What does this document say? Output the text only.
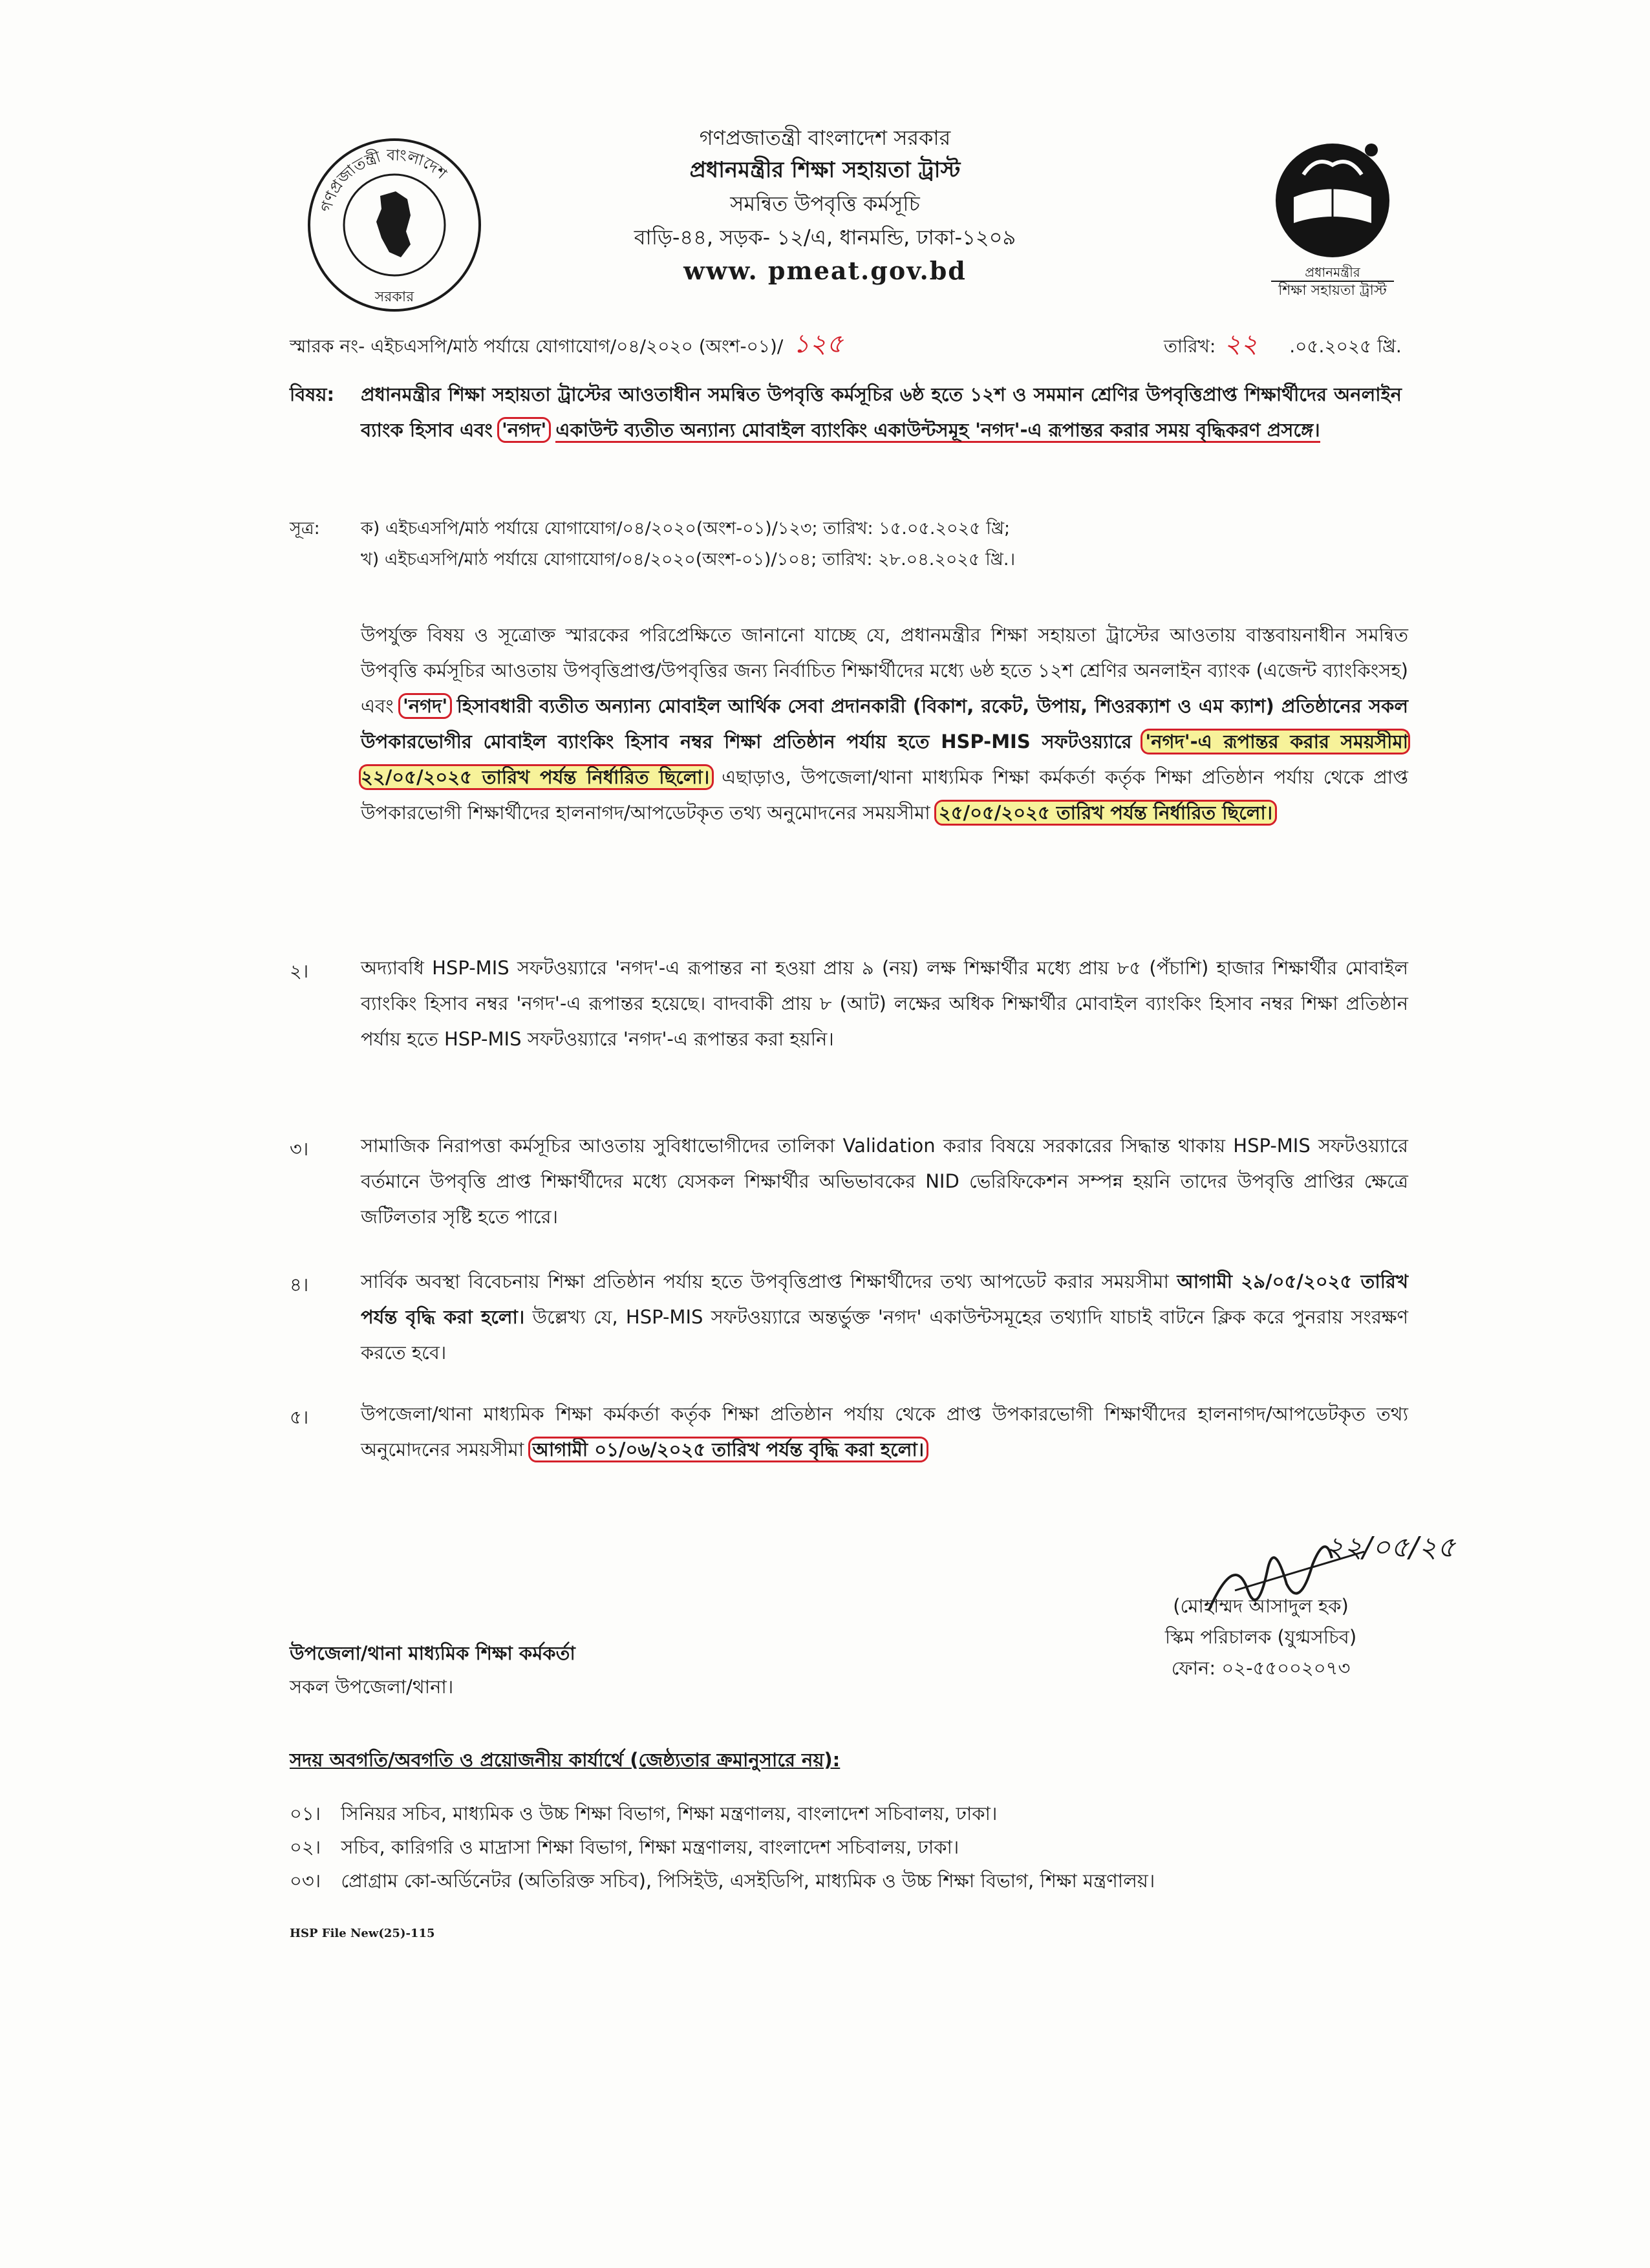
গণপ্রজাতন্ত্রী বাংলাদেশ
সরকার
প্রধানমন্ত্রীর
শিক্ষা সহায়তা ট্রাস্ট
গণপ্রজাতন্ত্রী বাংলাদেশ সরকার
প্রধানমন্ত্রীর শিক্ষা সহায়তা ট্রাস্ট
সমন্বিত উপবৃত্তি কর্মসূচি
বাড়ি-৪৪, সড়ক- ১২/এ, ধানমন্ডি, ঢাকা-১২০৯
www. pmeat.gov.bd
স্মারক নং- এইচএসপি/মাঠ পর্যায়ে যোগাযোগ/০৪/২০২০ (অংশ-০১)/ ১২৫	তারিখ: ২২ .০৫.২০২৫ খ্রি.
বিষয়: প্রধানমন্ত্রীর শিক্ষা সহায়তা ট্রাস্টের আওতাধীন সমন্বিত উপবৃত্তি কর্মসূচির ৬ষ্ঠ হতে ১২শ ও সমমান শ্রেণির উপবৃত্তিপ্রাপ্ত শিক্ষার্থীদের অনলাইন ব্যাংক হিসাব এবং 'নগদ' একাউন্ট ব্যতীত অন্যান্য মোবাইল ব্যাংকিং একাউন্টসমূহ 'নগদ'-এ রূপান্তর করার সময় বৃদ্ধিকরণ প্রসঙ্গে।
সূত্র: ক) এইচএসপি/মাঠ পর্যায়ে যোগাযোগ/০৪/২০২০(অংশ-০১)/১২৩; তারিখ: ১৫.০৫.২০২৫ খ্রি;
খ) এইচএসপি/মাঠ পর্যায়ে যোগাযোগ/০৪/২০২০(অংশ-০১)/১০৪; তারিখ: ২৮.০৪.২০২৫ খ্রি.।
উপর্যুক্ত বিষয় ও সূত্রোক্ত স্মারকের পরিপ্রেক্ষিতে জানানো যাচ্ছে যে, প্রধানমন্ত্রীর শিক্ষা সহায়তা ট্রাস্টের আওতায় বাস্তবায়নাধীন সমন্বিত উপবৃত্তি কর্মসূচির আওতায় উপবৃত্তিপ্রাপ্ত/উপবৃত্তির জন্য নির্বাচিত শিক্ষার্থীদের মধ্যে ৬ষ্ঠ হতে ১২শ শ্রেণির অনলাইন ব্যাংক (এজেন্ট ব্যাংকিংসহ) এবং 'নগদ' হিসাবধারী ব্যতীত অন্যান্য মোবাইল আর্থিক সেবা প্রদানকারী (বিকাশ, রকেট, উপায়, শিওরক্যাশ ও এম ক্যাশ) প্রতিষ্ঠানের সকল উপকারভোগীর মোবাইল ব্যাংকিং হিসাব নম্বর শিক্ষা প্রতিষ্ঠান পর্যায় হতে HSP-MIS সফটওয়্যারে 'নগদ'-এ রূপান্তর করার সময়সীমা ২২/০৫/২০২৫ তারিখ পর্যন্ত নির্ধারিত ছিলো। এছাড়াও, উপজেলা/থানা মাধ্যমিক শিক্ষা কর্মকর্তা কর্তৃক শিক্ষা প্রতিষ্ঠান পর্যায় থেকে প্রাপ্ত উপকারভোগী শিক্ষার্থীদের হালনাগদ/আপডেটকৃত তথ্য অনুমোদনের সময়সীমা ২৫/০৫/২০২৫ তারিখ পর্যন্ত নির্ধারিত ছিলো।
২।	অদ্যাবধি HSP-MIS সফটওয়্যারে 'নগদ'-এ রূপান্তর না হওয়া প্রায় ৯ (নয়) লক্ষ শিক্ষার্থীর মধ্যে প্রায় ৮৫ (পঁচাশি) হাজার শিক্ষার্থীর মোবাইল ব্যাংকিং হিসাব নম্বর 'নগদ'-এ রূপান্তর হয়েছে। বাদবাকী প্রায় ৮ (আট) লক্ষের অধিক শিক্ষার্থীর মোবাইল ব্যাংকিং হিসাব নম্বর শিক্ষা প্রতিষ্ঠান পর্যায় হতে HSP-MIS সফটওয়্যারে 'নগদ'-এ রূপান্তর করা হয়নি।
৩।	সামাজিক নিরাপত্তা কর্মসূচির আওতায় সুবিধাভোগীদের তালিকা Validation করার বিষয়ে সরকারের সিদ্ধান্ত থাকায় HSP-MIS সফটওয়্যারে বর্তমানে উপবৃত্তি প্রাপ্ত শিক্ষার্থীদের মধ্যে যেসকল শিক্ষার্থীর অভিভাবকের NID ভেরিফিকেশন সম্পন্ন হয়নি তাদের উপবৃত্তি প্রাপ্তির ক্ষেত্রে জটিলতার সৃষ্টি হতে পারে।
৪।	সার্বিক অবস্থা বিবেচনায় শিক্ষা প্রতিষ্ঠান পর্যায় হতে উপবৃত্তিপ্রাপ্ত শিক্ষার্থীদের তথ্য আপডেট করার সময়সীমা আগামী ২৯/০৫/২০২৫ তারিখ পর্যন্ত বৃদ্ধি করা হলো। উল্লেখ্য যে, HSP-MIS সফটওয়্যারে অন্তর্ভুক্ত 'নগদ' একাউন্টসমূহের তথ্যাদি যাচাই বাটনে ক্লিক করে পুনরায় সংরক্ষণ করতে হবে।
৫।	উপজেলা/থানা মাধ্যমিক শিক্ষা কর্মকর্তা কর্তৃক শিক্ষা প্রতিষ্ঠান পর্যায় থেকে প্রাপ্ত উপকারভোগী শিক্ষার্থীদের হালনাগদ/আপডেটকৃত তথ্য অনুমোদনের সময়সীমা আগামী ০১/০৬/২০২৫ তারিখ পর্যন্ত বৃদ্ধি করা হলো।
২২/০৫/২৫
(মোহাম্মদ আসাদুল হক)
স্কিম পরিচালক (যুগ্মসচিব)
ফোন: ০২-৫৫০০২০৭৩
উপজেলা/থানা মাধ্যমিক শিক্ষা কর্মকর্তা
সকল উপজেলা/থানা।
সদয় অবগতি/অবগতি ও প্রয়োজনীয় কার্যার্থে (জেষ্ঠ্যতার ক্রমানুসারে নয়):
০১। সিনিয়র সচিব, মাধ্যমিক ও উচ্চ শিক্ষা বিভাগ, শিক্ষা মন্ত্রণালয়, বাংলাদেশ সচিবালয়, ঢাকা।
০২। সচিব, কারিগরি ও মাদ্রাসা শিক্ষা বিভাগ, শিক্ষা মন্ত্রণালয়, বাংলাদেশ সচিবালয়, ঢাকা।
০৩। প্রোগ্রাম কো-অর্ডিনেটর (অতিরিক্ত সচিব), পিসিইউ, এসইডিপি, মাধ্যমিক ও উচ্চ শিক্ষা বিভাগ, শিক্ষা মন্ত্রণালয়।
HSP File New(25)-115
